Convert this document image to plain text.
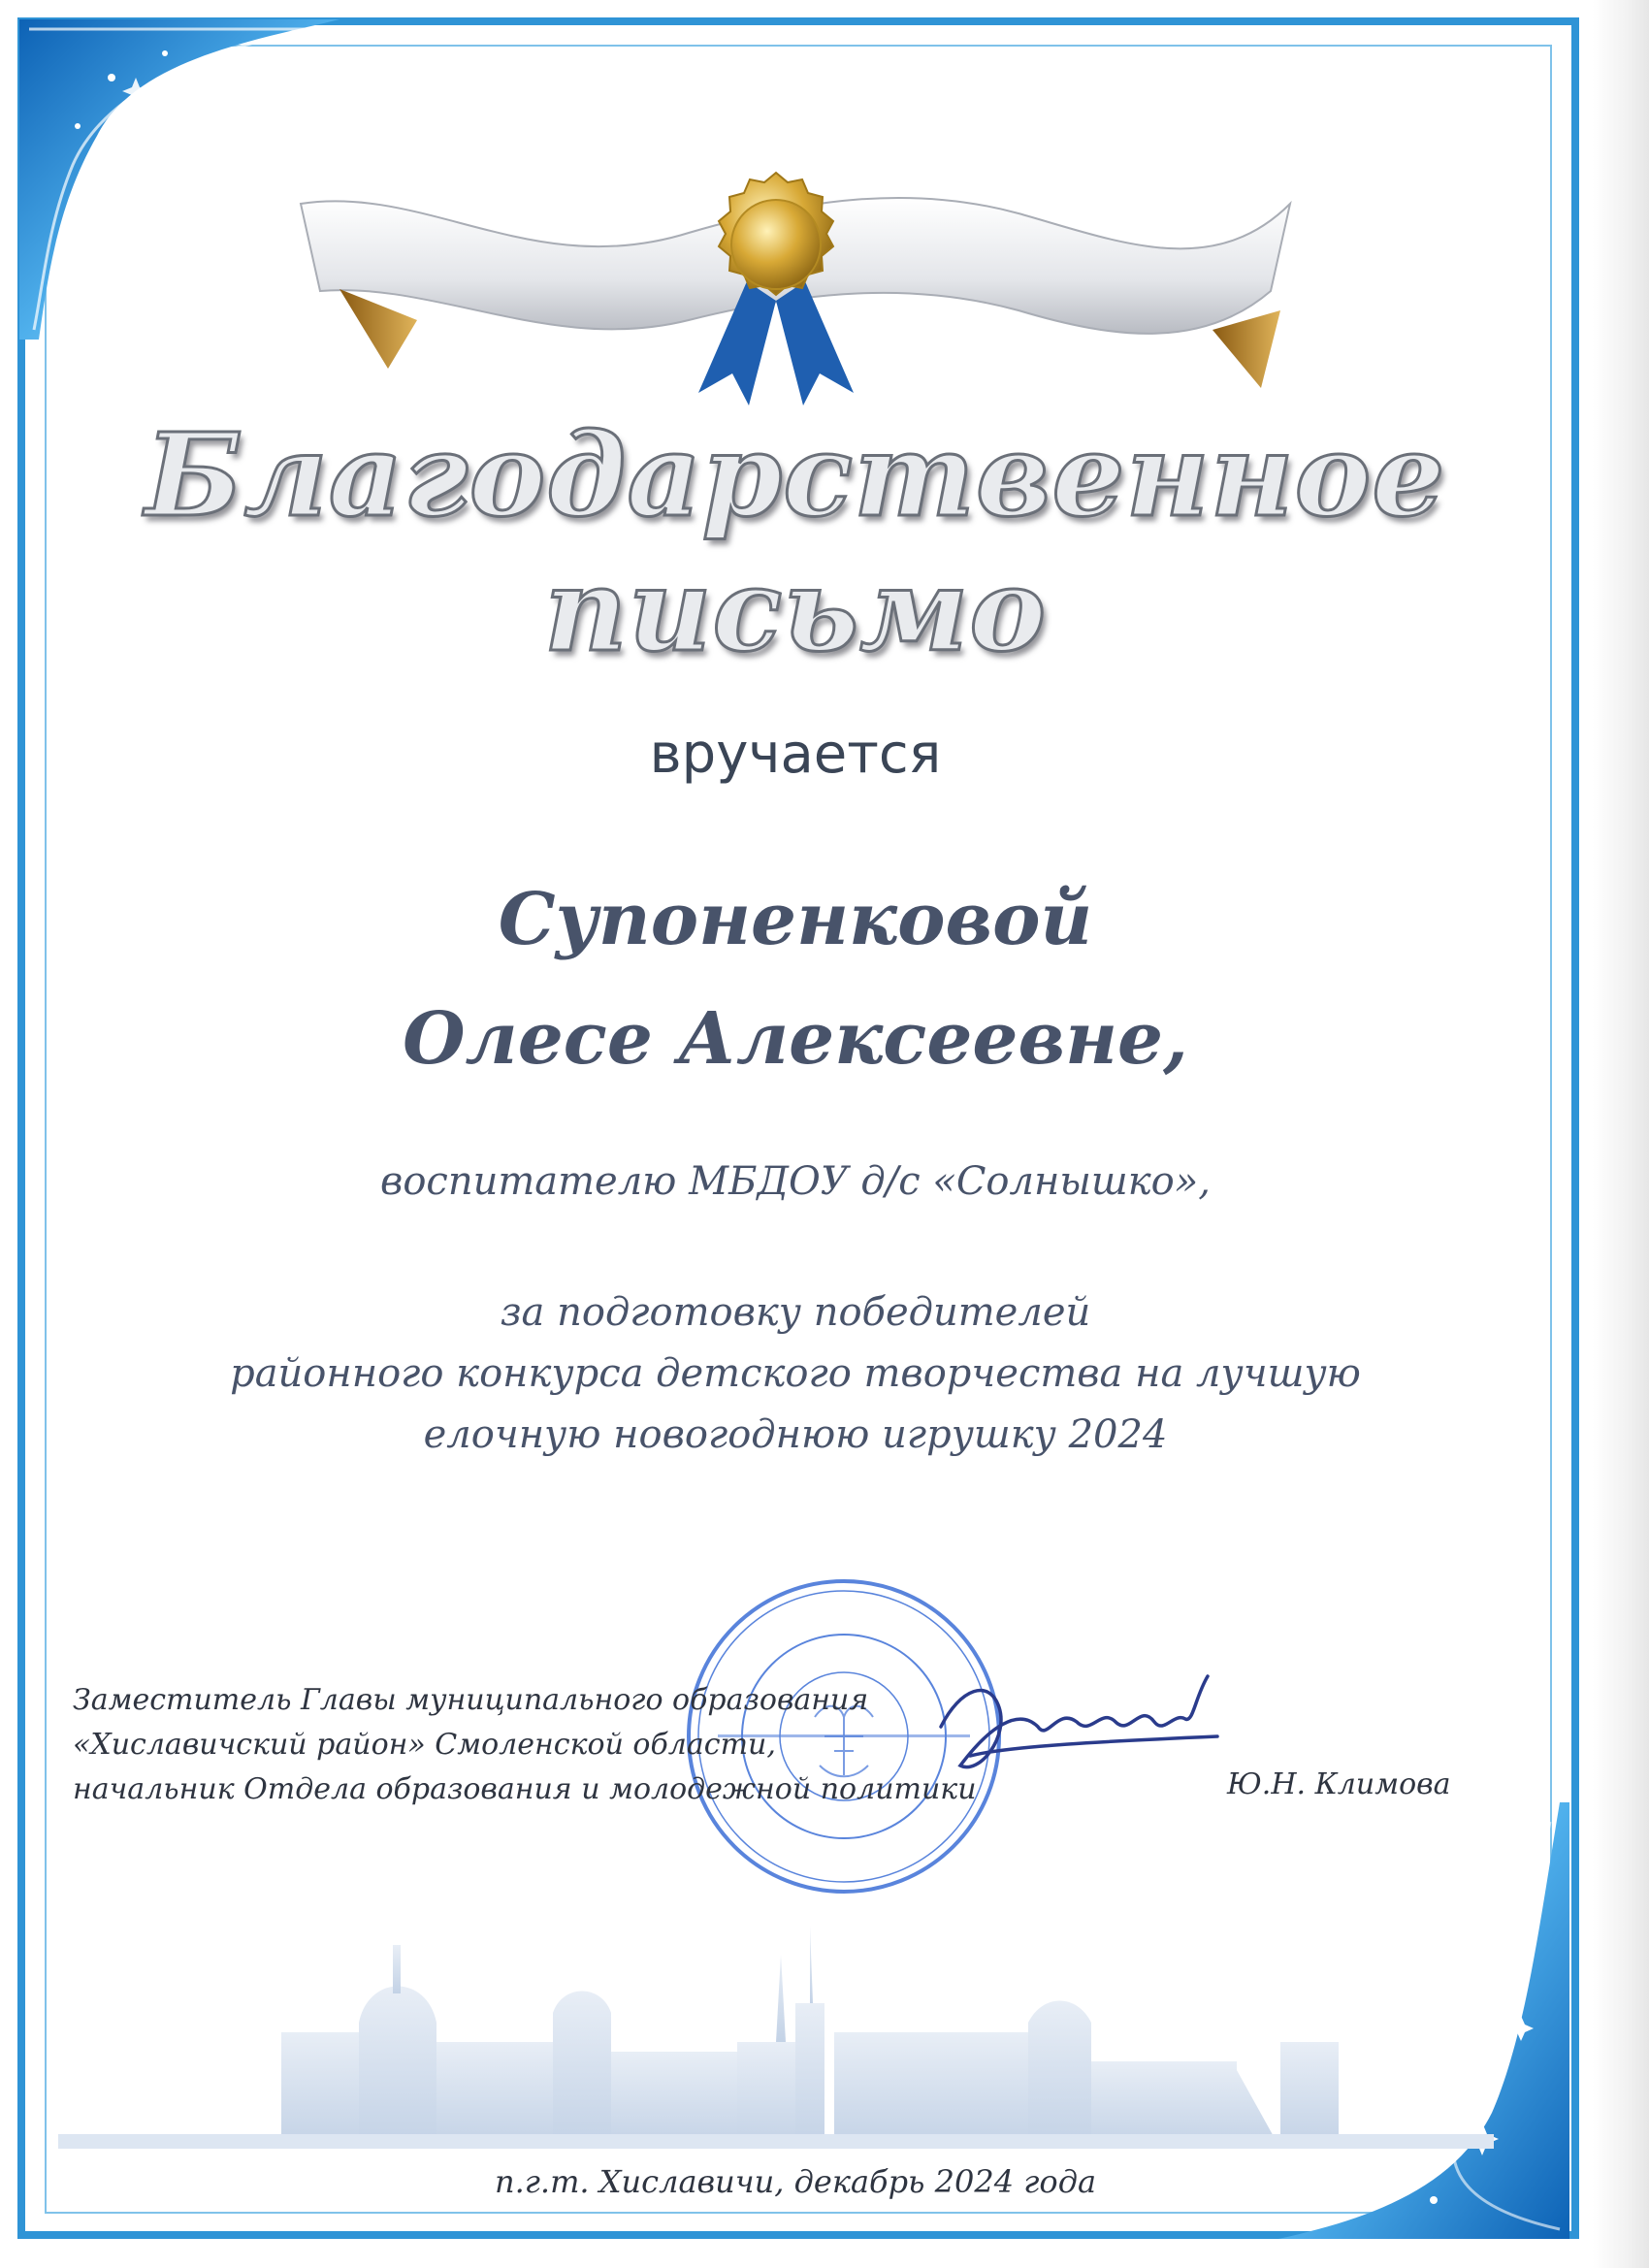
Благодарственное письмо
вручается
Супоненковой
Олесе Алексеевне,
воспитателю МБДОУ д/с «Солнышко»,
за подготовку победителей
районного конкурса детского творчества на лучшую
елочную новогоднюю игрушку 2024
Заместитель Главы муниципального образования
«Хиславичский район» Смоленской области,
начальник Отдела образования и молодежной политики	Ю.Н. Климова
п.г.т. Хиславичи, декабрь 2024 года
